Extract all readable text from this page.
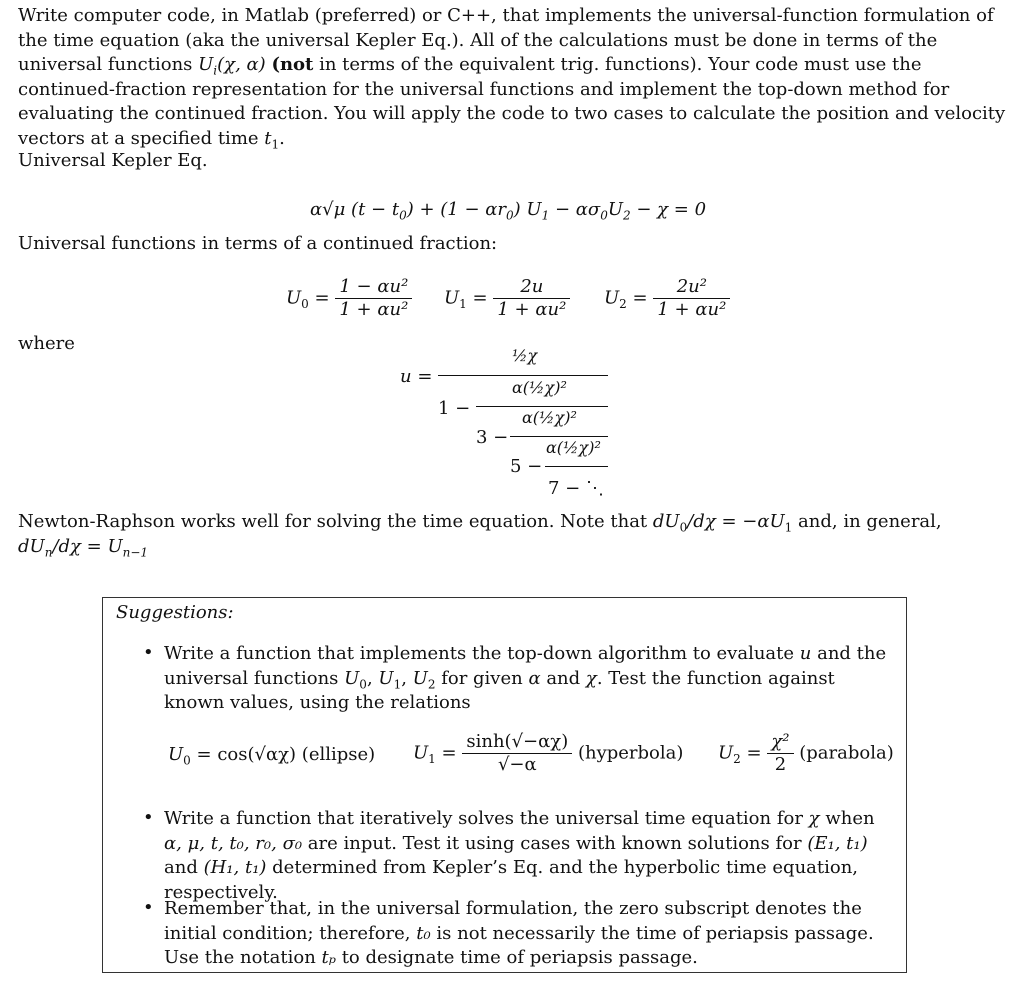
Write computer code, in Matlab (preferred) or C++, that implements the universal-function formulation of the time equation (aka the universal Kepler Eq.). All of the calculations must be done in terms of the universal functions $U_i(\chi$, α) (not in terms of the equivalent trig. functions). Your code must use the continued-fraction representation for the universal functions and implement the top-down method for evaluating the continued fraction. You will apply the code to two cases to calculate the position and velocity vectors at a specified time $t_1$.
Universal Kepler Eq.
α√μ $(t - t_0) + (1 - \alpha r_0)$ $U_1 - \alpha\sigma_0U_2 - \chi = 0$
Universal functions in terms of a continued fraction:
$U_0 = \frac{\text{1 − αu²}}{\text{1 + αu²}} U_1 = \frac{2u}{\text{1 + αu²}} U_2 = \frac{\text{2u²}}{\text{1 + αu²}}$
where
u =
½χ
1 −
α(½χ)²
3 −
α(½χ)²
5 −
α(½χ)²
7 − ⋱
Newton-Raphson works well for solving the time equation. Note that $dU_0/d\chi = -\alpha U_1$ and, in general, $dU_n/d\chi = U_{n-1}$
Suggestions:
• Write a function that implements the top-down algorithm to evaluate u and the universal functions $U_0$, $U_1$, $U_2$ for given α and χ. Test the function against known values, using the relations
$U_0 = \cos(√\alpha\chi)$ (ellipse) $U_1 = \frac{\sinh(√-\alpha\chi)}{√-\alpha}$ (hyperbola) $U_2 = \frac{\text{χ²}}{2}$ (parabola)
• Write a function that iteratively solves the universal time equation for χ when α, μ, t, t₀, r₀, σ₀ are input. Test it using cases with known solutions for (E₁, t₁) and (H₁, t₁) determined from Kepler’s Eq. and the hyperbolic time equation, respectively.
• Remember that, in the universal formulation, the zero subscript denotes the initial condition; therefore, t₀ is not necessarily the time of periapsis passage. Use the notation tₚ to designate time of periapsis passage.
